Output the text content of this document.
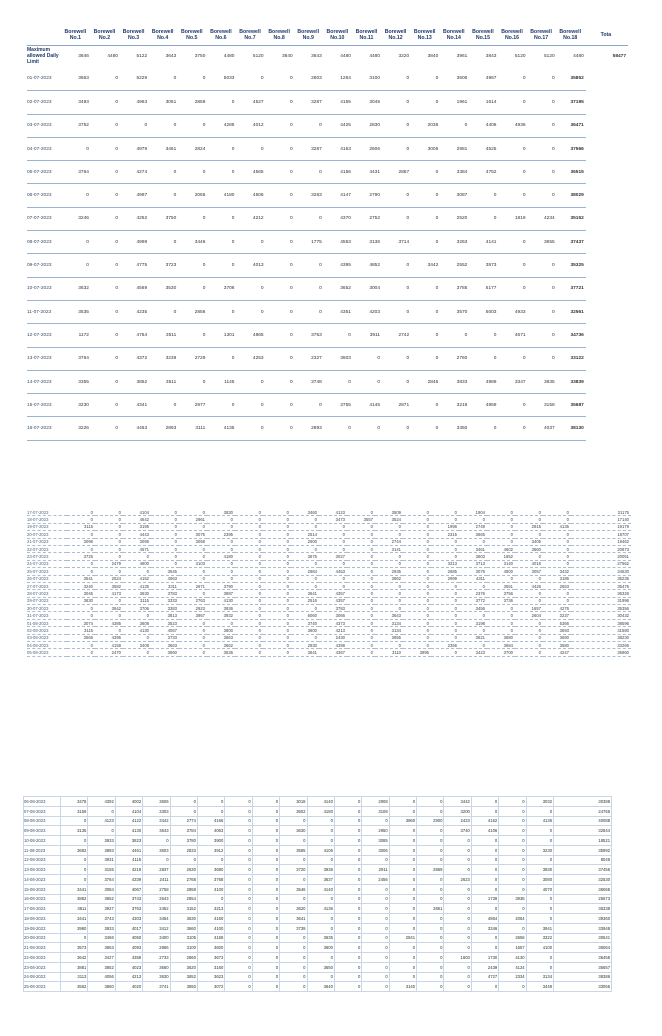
	Borewell No.1	Borewell No.2	Borewell No.3	Borewell No.4	Borewell No.5	Borewell No.6	Borewell No.7	Borewell No.8	Borewell No.9	Borewell No.10	Borewell No.11	Borewell No.12	Borewell No.13	Borewell No.14	Borewell No.15	Borewell No.16	Borewell No.17	Borewell No.18	Tota
Maximum allowed Daily Limit	3846	4480	5122	3643	3750	4480	5120	3840	3843	4480	4480	3220	3840	3961	3843	5120	5120	4480	58477
01-07-2023	3663	0	5229	0	0	5033	0	0	2803	1264	3100	0	0	3606	4967	0	0	35852	
02-07-2023	3493	0	4963	3061	2858	0	4527	0	3287	4155	3045	0	0	1961	1614	0	0	37195	
03-07-2023	3752	0	0	0	0	4285	4012	0	0	4425	2830	0	2036	0	4406	4936	0	36471	
04-07-2023	0	0	4979	3461	2824	0	0	0	3287	4153	2606	0	3006	2981	4525	0	0	37566	
05-07-2023	3764	0	4274	0	0	0	4565	0	0	4156	4431	2867	0	3384	4752	0	0	36515	
06-07-2023	0	0	4997	0	2065	4180	4506	0	3283	4147	2790	0	0	3087	0	0	0	38029	
07-07-2023	3246	0	4252	3750	0	0	4212	0	0	4370	2752	0	0	2520	0	1819	4234	35152	
08-07-2023	0	0	4998	0	3446	0	0	0	1775	4553	3136	3714	0	3263	4141	0	3655	37437	
09-07-2023	0	0	4775	3723	0	0	4013	0	0	4395	4852	0	3442	2552	3573	0	0	35325	
10-07-2023	3632	0	4569	3530	0	3706	0	0	0	3652	3004	0	0	3785	5177	0	0	37721	
11-07-2023	3535	0	4235	0	2856	0	0	0	0	4351	4203	0	0	3570	5003	4933	0	32561	
12-07-2023	1172	0	4764	3511	0	1301	4865	0	3753	0	3911	2742	0	0	0	4671	0	34736	
13-07-2023	3764	0	4372	3239	2729	0	4253	0	2327	3603	0	0	0	2760	0	0	0	33122	
14-07-2023	3355	0	3852	3511	0	1145	0	0	3748	0	0	0	2846	3833	4989	3347	3835	33839	
15-07-2023	3230	0	4341	0	2977	0	0	0	0	3755	4145	2871	0	3219	4959	0	3158	35687	
16-07-2023	3226	0	4463	2893	3111	4135	0	0	2893	0	0	0	0	3350	0	0	4037	38130	
17-07-2023	0	0	4104	0	0	3830	0	0	3460	4123	0	3509	0	0	1904	0	0	0	31175
18-07-2023	0	0	4642	0	2961	0	0	0	0	3473	3557	3524	0	0	0	0	0	0	17140
19-07-2023	3115	0	3195	0	0	0	0	0	0	0	0	0	0	1996	2749	0	2815	4135	19179
20-07-2023	0	0	4443	0	3075	2395	0	0	2514	0	0	0	0	2315	3665	0	0	0	18707
21-07-2023	3096	0	3095	0	3058	0	0	0	2600	0	0	2744	0	0	0	0	3405	0	19462
22-07-2023	0	0	4571	0	0	0	0	0	0	0	0	3141	0	0	3461	4602	3660	0	20873
23-07-2023	3725	0	0	0	0	4180	0	0	3675	3027	0	0	0	0	3603	1852	0	0	20051
24-07-2023	0	2479	4600	0	3103	0	0	0	0	0	0	0	0	3313	3713	3140	4018	0	27562
25-07-2023	0	0	0	3545	0	0	0	0	2984	4453	0	2935	0	2685	3076	4800	3057	3432	34530
26-07-2023	3541	2524	4152	4063	0	0	0	0	0	0	0	3962	0	2999	4311	0	0	3186	35236
27-07-2023	3240	3582	4135	3311	2671	3790	0	0	0	0	0	0	0	0	0	3551	4426	2653	35475
28-07-2023	3045	4173	3630	3783	0	3887	0	0	3641	4357	0	0	0	0	2376	3756	0	0	36326
29-07-2023	3630	0	3115	3333	2763	4130	0	0	2516	4357	0	0	0	0	3772	3736	0	0	31996
30-07-2023	0	3942	3706	3383	2923	3936	0	0	0	3783	0	0	0	0	3456	0	1657	4276	35356
31-07-2023	0	0	0	3813	3957	3932	0	0	6060	3066	0	3643	0	0	0	0	2604	3237	30432
01-08-2023	3074	4385	3608	3523	0	0	0	0	3740	4373	0	3134	0	0	3198	0	0	5366	38596
02-08-2023	3115	0	4130	4067	0	3800	0	0	3600	4213	0	3134	0	0	0	0	0	3693	31580
03-08-2023	3565	4395	0	3733	0	3663	0	0	0	2430	0	3955	0	0	3621	3680	0	3690	38230
04-08-2023	0	4158	3408	3663	0	3662	0	0	2830	4398	0	0	0	2356	0	3684	0	3580	33266
05-08-2023	0	2470	0	3960	0	3636	0	0	3641	4367	0	3110	3995	0	3423	3700	0	4247	35860
06-08-2023	3478	4392	4002	3606	0	0	0	0	3018	4140	0	2908	0	0	3442	0	0	3032	30388
07-08-2023	3159	0	4104	3303	0	0	0	0	3602	4180	0	3108	0	0	3200	0	0	0	24766
08-08-2023	0	4123	4122	3442	2774	4166	0	0	0	0	0	0	3860	2900	2423	4162	0	4136	40088
09-08-2023	3135	0	4130	3643	3784	4063	0	0	3630	0	0	2950	0	0	3740	4106	0	0	32844
10-08-2023	0	3933	3823	0	3780	3900	0	0	0	0	0	3085	0	0	0	0	0	0	18521
11-08-2023	3682	3893	4461	3603	2833	3912	0	0	3585	4106	0	3006	0	0	0	0	0	3230	35992
12-08-2023	0	3931	4115	0	0	0	0	0	0	0	0	0	0	0	0	0	0	0	8046
13-08-2023	0	3155	4219	2837	2630	3680	0	0	3720	3936	0	2911	0	2869	0	0	0	3930	37456
14-08-2023	0	3764	4339	2411	2768	3768	0	0	0	3637	0	2456	0	0	2623	0	0	3080	32530
15-08-2023	3441	3084	4067	2758	2859	4100	0	0	3546	4140	0	0	0	0	0	0	0	4070	36065
16-08-2023	3862	3652	3743	2643	2654	0	0	0	0	0	0	0	0	0	0	1739	3936	0	25673
17-08-2023	3611	3927	3763	2452	3152	3213	0	0	3620	4136	0	0	0	2861	0	0	0	0	36338
18-08-2023	3441	3743	4303	3464	3630	4160	0	0	3641	0	0	0	0	0	0	4864	2064	0	39360
19-08-2023	3980	3933	4017	3412	3660	4100	0	0	3739	0	0	0	0	0	0	3346	0	3941	33948
20-08-2023	0	3466	4050	3400	3105	4158	0	0	0	3635	0	0	2841	0	0	0	2656	3322	30541
21-08-2023	3573	3663	4093	2866	3100	3600	0	0	0	3600	0	0	0	0	0	0	1657	4100	36064
22-08-2023	3642	3427	4358	2733	2860	3673	0	0	0	0	0	0	0	0	1603	1730	4130	0	36458
23-08-2023	3881	3852	4023	3660	3620	3160	0	0	0	3650	0	0	0	0	0	2439	4124	0	35657
24-08-2023	3113	4056	4213	3630	3652	3623	0	0	0	0	0	0	0	0	0	4727	2334	3134	38386
25-08-2023	3562	3860	4020	3741	3650	3072	0	0	0	3640	0	0	3140	0	0	0	0	3449	33055
